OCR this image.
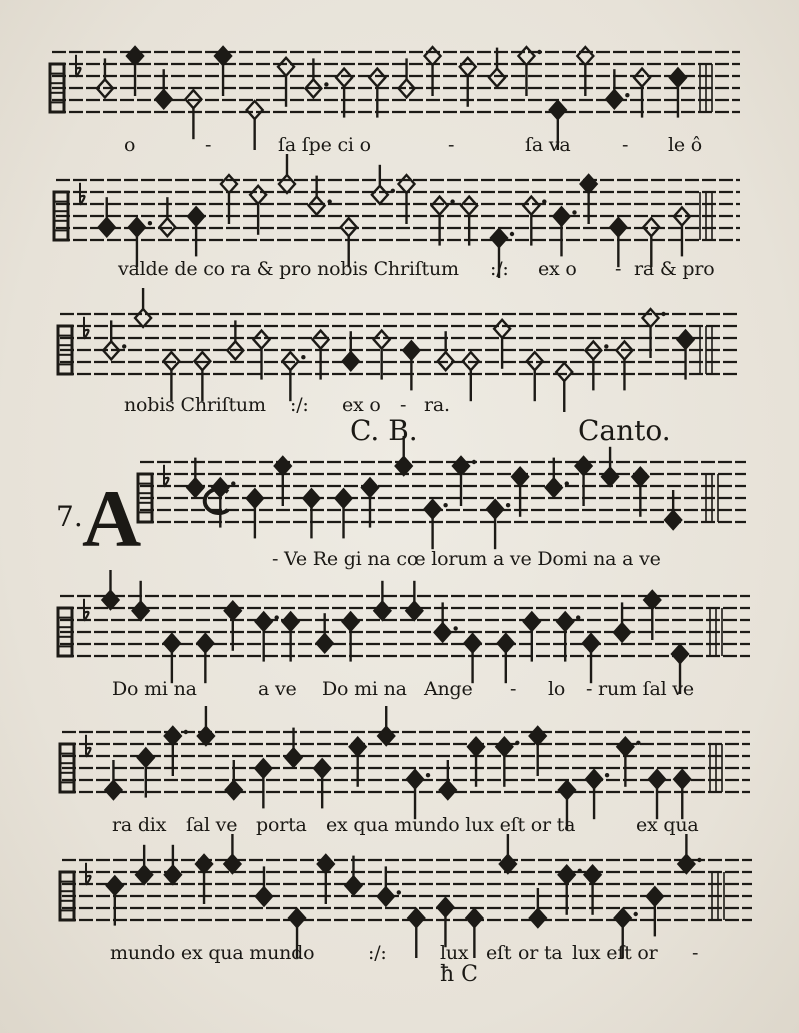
o	-	ſa ſpe ci o	-	ſa va	- le ô
valde de co ra & pro nobis Chriſtum :/: ex o - ra & pro
nobis Chriſtum :/: ex o - ra.
C. B.	Canto.
7. A	- Ve Re gi na cœ lorum a ve Domi na a ve
Do mi na	a ve Do mi na Ange - lo - rum ſal ve
ra dix ſal ve porta ex qua mundo lux eſt or ta	ex qua
mundo ex qua mundo	:/:	lux eſt or ta lux eſt or -
ħ C
